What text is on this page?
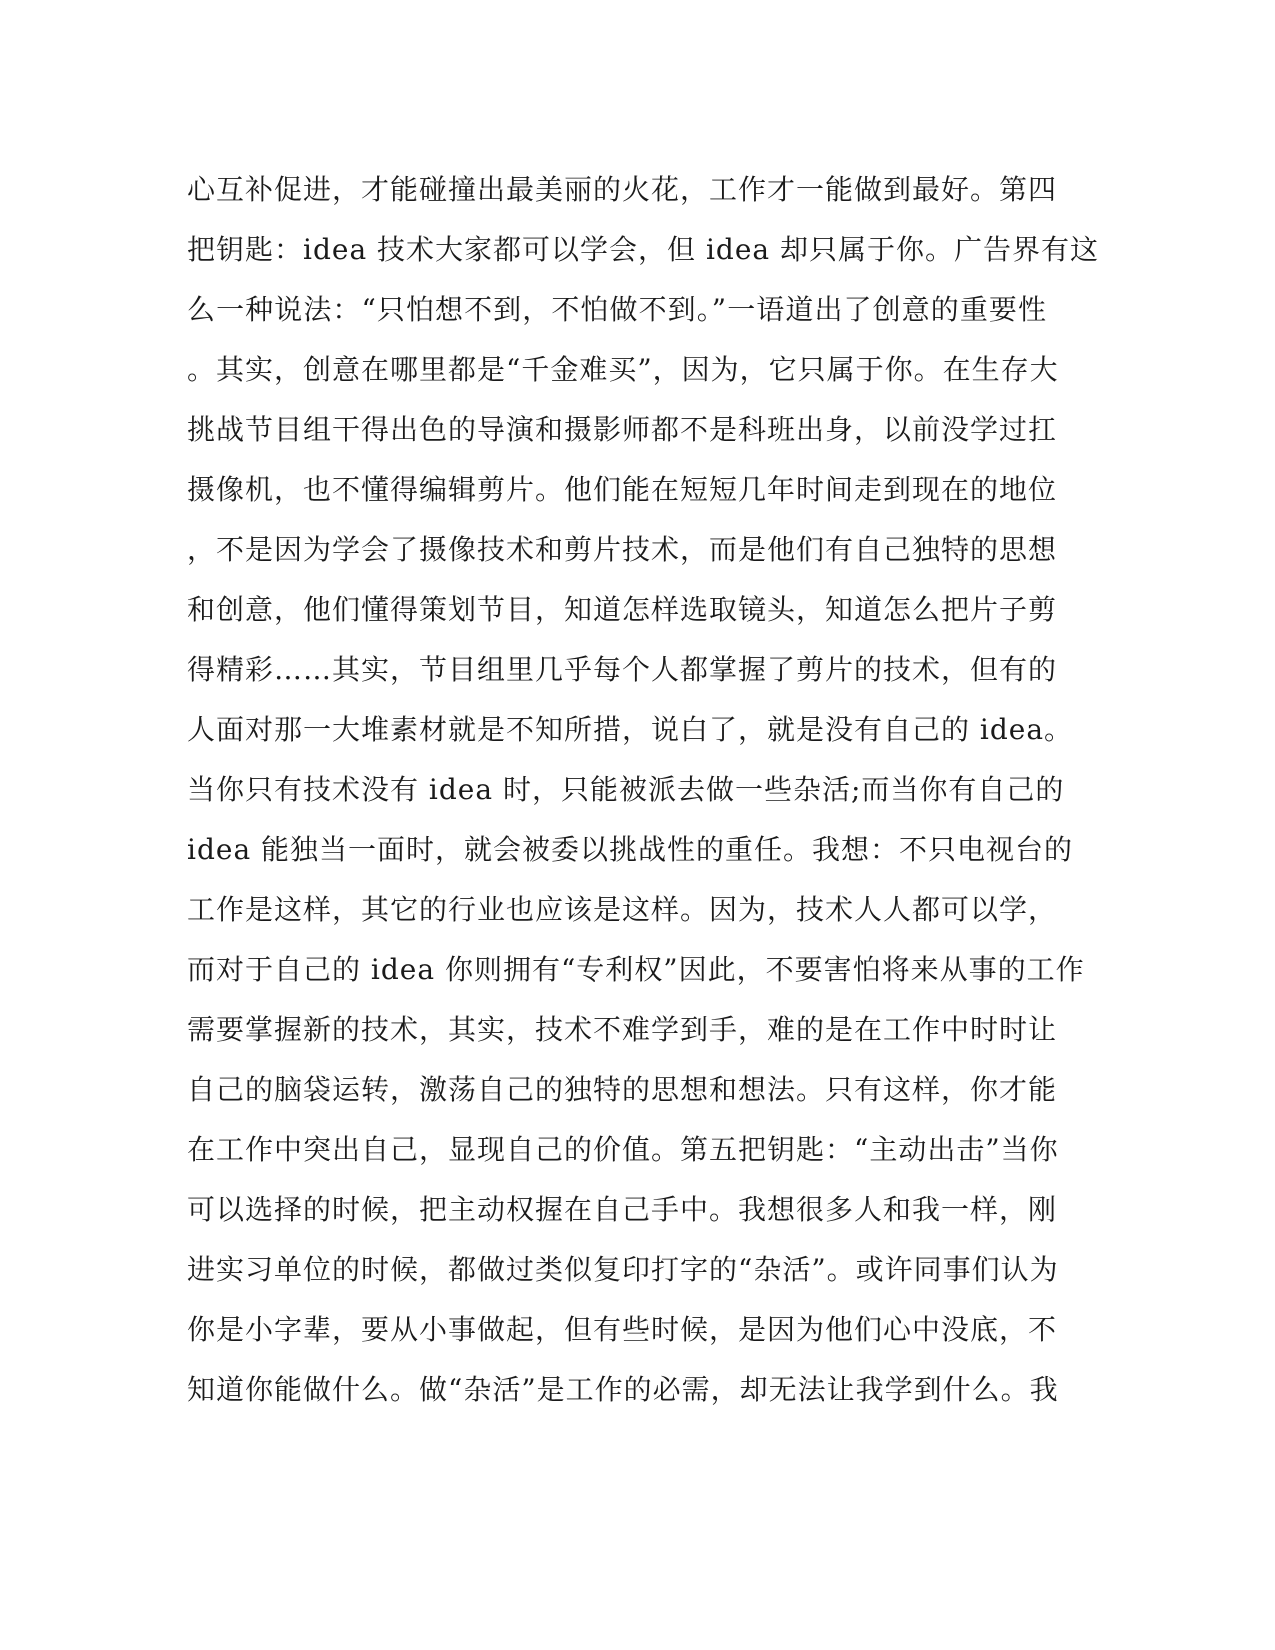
心互补促进，才能碰撞出最美丽的火花，工作才一能做到最好。第四
把钥匙：idea 技术大家都可以学会，但 idea 却只属于你。广告界有这
么一种说法：“只怕想不到，不怕做不到。”一语道出了创意的重要性
。其实，创意在哪里都是“千金难买”，因为，它只属于你。在生存大
挑战节目组干得出色的导演和摄影师都不是科班出身，以前没学过扛
摄像机，也不懂得编辑剪片。他们能在短短几年时间走到现在的地位
，不是因为学会了摄像技术和剪片技术，而是他们有自己独特的思想
和创意，他们懂得策划节目，知道怎样选取镜头，知道怎么把片子剪
得精彩……其实，节目组里几乎每个人都掌握了剪片的技术，但有的
人面对那一大堆素材就是不知所措，说白了，就是没有自己的 idea。
当你只有技术没有 idea 时，只能被派去做一些杂活;而当你有自己的
idea 能独当一面时，就会被委以挑战性的重任。我想：不只电视台的
工作是这样，其它的行业也应该是这样。因为，技术人人都可以学，
而对于自己的 idea 你则拥有“专利权”因此，不要害怕将来从事的工作
需要掌握新的技术，其实，技术不难学到手，难的是在工作中时时让
自己的脑袋运转，激荡自己的独特的思想和想法。只有这样，你才能
在工作中突出自己，显现自己的价值。第五把钥匙：“主动出击”当你
可以选择的时候，把主动权握在自己手中。我想很多人和我一样，刚
进实习单位的时候，都做过类似复印打字的“杂活”。或许同事们认为
你是小字辈，要从小事做起，但有些时候，是因为他们心中没底，不
知道你能做什么。做“杂活”是工作的必需，却无法让我学到什么。我
